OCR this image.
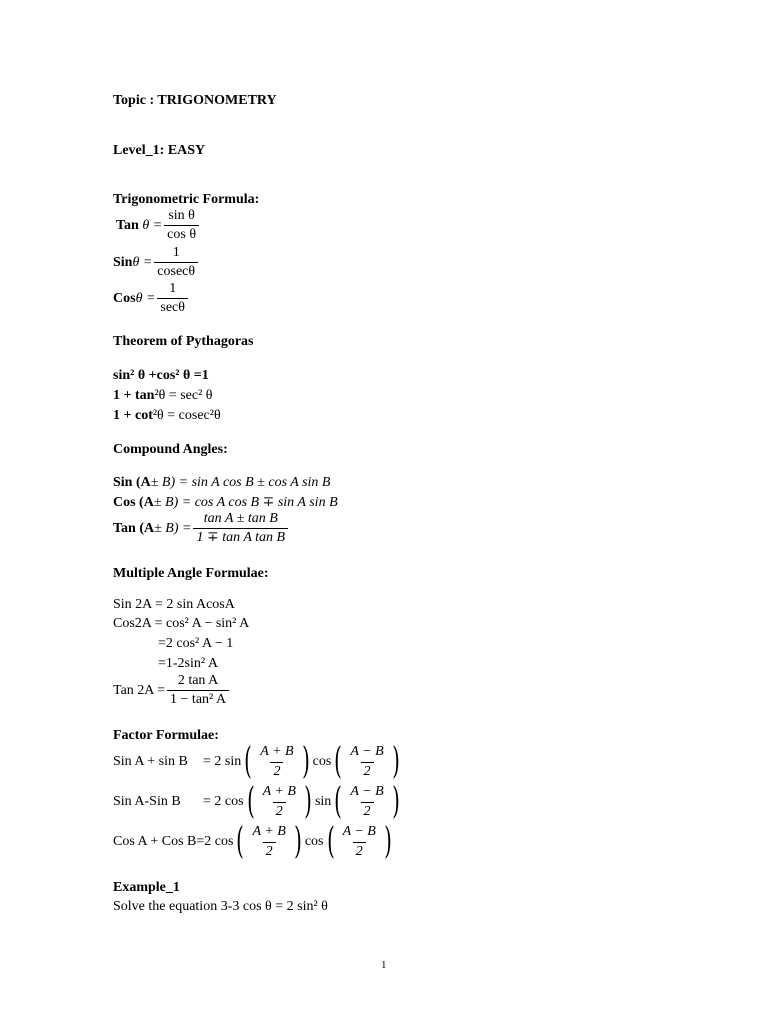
Topic : TRIGONOMETRY
Level_1: EASY
Trigonometric Formula:
Tan
$\theta = \frac{\text{sin θ}}{\text{cos θ}}$
Sin $\theta = \frac{1}{cosec\theta}$
Cos $\theta = \frac{1}{\sec\theta}$
Theorem of Pythagoras
sin² θ +cos² θ =1
1 + tan²θ = sec² θ
1 + cot²θ = cosec²θ
Compound Angles:
Sin (A± B) = sin A cos B ± cos A sin B
Cos (A± B) = cos A cos B ∓ sin A sin B
Tan $(A \pm B) = \frac{\text{tan A ± tan B}}{\text{1 ∓ tan A tan B}}$
Multiple Angle Formulae:
Sin 2A = 2 sin AcosA
Cos2A = cos² A − sin² A
=2 cos² A − 1
=1-2sin² A
Tan $2A = \frac{\text{2 tan A}}{\text{1 − tan² A}}$
Factor Formulae:
Sin A + sin B	= 2 sin ( $\frac{A + B}{2}$ ) cos ( $\frac{A - B}{2}$ )
Sin A-Sin B	= 2 cos ( $\frac{A + B}{2}$ ) sin ( $\frac{A - B}{2}$ )
Cos A + Cos B=2 cos ( $\frac{A + B}{2}$ ) cos ( $\frac{A - B}{2}$ )
Example_1
Solve the equation 3-3 cos θ = 2 sin² θ
1
